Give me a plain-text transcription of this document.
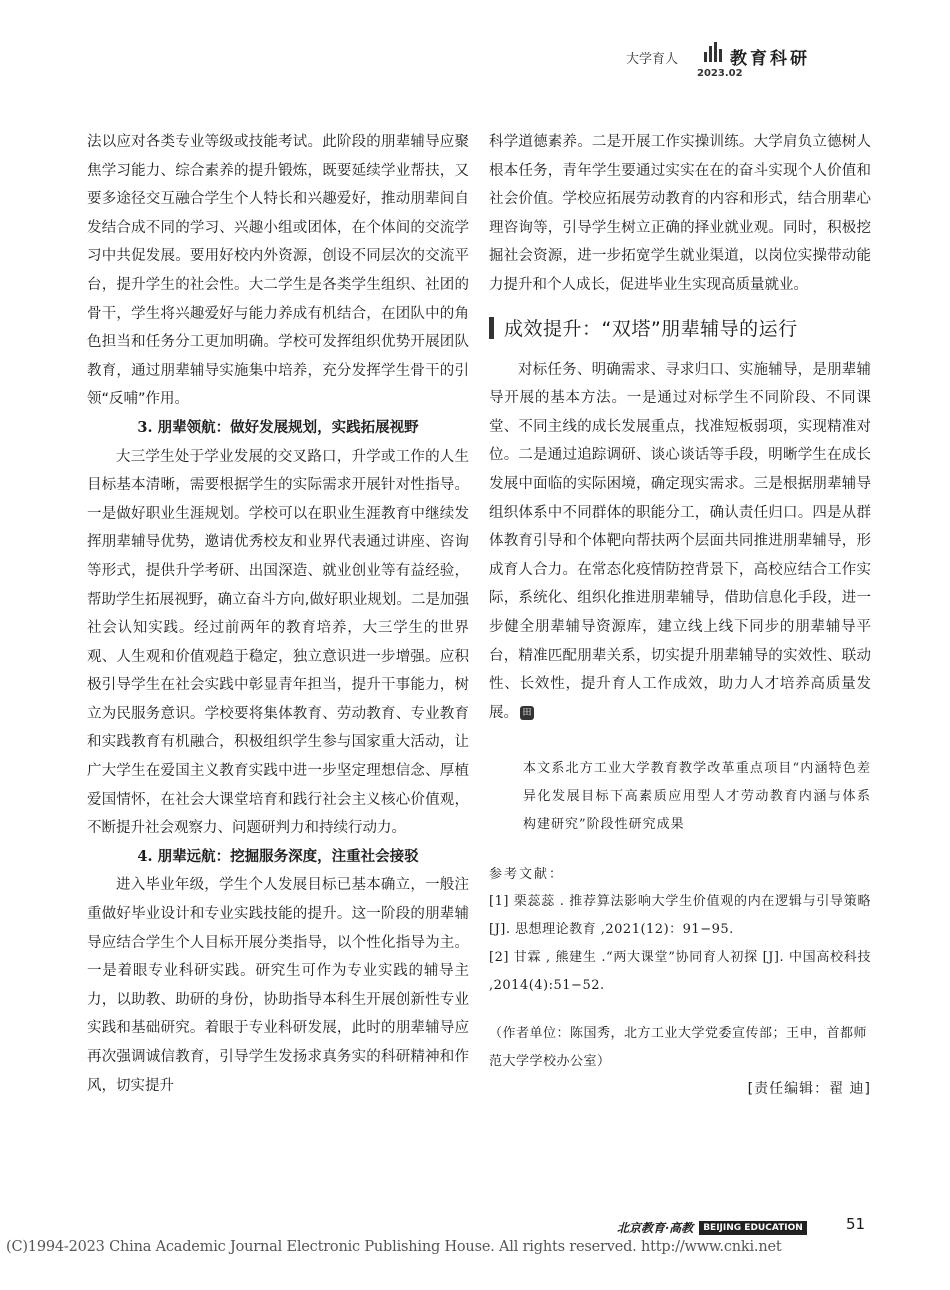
大学育人	教育科研
2023.02

法以应对各类专业等级或技能考试。此阶段的朋辈辅导应聚焦学习能力、综合素养的提升锻炼，既要延续学业帮扶，又要多途径交互融合学生个人特长和兴趣爱好，推动朋辈间自发结合成不同的学习、兴趣小组或团体，在个体间的交流学习中共促发展。要用好校内外资源，创设不同层次的交流平台，提升学生的社会性。大二学生是各类学生组织、社团的骨干，学生将兴趣爱好与能力养成有机结合，在团队中的角色担当和任务分工更加明确。学校可发挥组织优势开展团队教育，通过朋辈辅导实施集中培养，充分发挥学生骨干的引领“反哺”作用。

3. 朋辈领航：做好发展规划，实践拓展视野

大三学生处于学业发展的交叉路口，升学或工作的人生目标基本清晰，需要根据学生的实际需求开展针对性指导。一是做好职业生涯规划。学校可以在职业生涯教育中继续发挥朋辈辅导优势，邀请优秀校友和业界代表通过讲座、咨询等形式，提供升学考研、出国深造、就业创业等有益经验，帮助学生拓展视野，确立奋斗方向,做好职业规划。二是加强社会认知实践。经过前两年的教育培养，大三学生的世界观、人生观和价值观趋于稳定，独立意识进一步增强。应积极引导学生在社会实践中彰显青年担当，提升干事能力，树立为民服务意识。学校要将集体教育、劳动教育、专业教育和实践教育有机融合，积极组织学生参与国家重大活动，让广大学生在爱国主义教育实践中进一步坚定理想信念、厚植爱国情怀，在社会大课堂培育和践行社会主义核心价值观，不断提升社会观察力、问题研判力和持续行动力。

4. 朋辈远航：挖掘服务深度，注重社会接驳

进入毕业年级，学生个人发展目标已基本确立，一般注重做好毕业设计和专业实践技能的提升。这一阶段的朋辈辅导应结合学生个人目标开展分类指导，以个性化指导为主。一是着眼专业科研实践。研究生可作为专业实践的辅导主力，以助教、助研的身份，协助指导本科生开展创新性专业实践和基础研究。着眼于专业科研发展，此时的朋辈辅导应再次强调诚信教育，引导学生发扬求真务实的科研精神和作风，切实提升

科学道德素养。二是开展工作实操训练。大学肩负立德树人根本任务，青年学生要通过实实在在的奋斗实现个人价值和社会价值。学校应拓展劳动教育的内容和形式，结合朋辈心理咨询等，引导学生树立正确的择业就业观。同时，积极挖掘社会资源，进一步拓宽学生就业渠道，以岗位实操带动能力提升和个人成长，促进毕业生实现高质量就业。

成效提升：“双塔”朋辈辅导的运行

对标任务、明确需求、寻求归口、实施辅导，是朋辈辅导开展的基本方法。一是通过对标学生不同阶段、不同课堂、不同主线的成长发展重点，找准短板弱项，实现精准对位。二是通过追踪调研、谈心谈话等手段，明晰学生在成长发展中面临的实际困境，确定现实需求。三是根据朋辈辅导组织体系中不同群体的职能分工，确认责任归口。四是从群体教育引导和个体靶向帮扶两个层面共同推进朋辈辅导，形成育人合力。在常态化疫情防控背景下，高校应结合工作实际，系统化、组织化推进朋辈辅导，借助信息化手段，进一步健全朋辈辅导资源库，建立线上线下同步的朋辈辅导平台，精准匹配朋辈关系，切实提升朋辈辅导的实效性、联动性、长效性，提升育人工作成效，助力人才培养高质量发展。 田

本文系北方工业大学教育教学改革重点项目“内涵特色差异化发展目标下高素质应用型人才劳动教育内涵与体系构建研究”阶段性研究成果

参考文献：

[1] 栗蕊蕊 . 推荐算法影响大学生价值观的内在逻辑与引导策略 [J]. 思想理论教育 ,2021(12)：91−95.

[2] 甘霖 , 熊建生 .“两大课堂”协同育人初探 [J]. 中国高校科技 ,2014(4):51−52.

（作者单位：陈国秀，北方工业大学党委宣传部；王申，首都师范大学学校办公室）

[责任编辑：翟 迪]

北京教育·高教	BEIJING EDUCATION	51
(C)1994-2023 China Academic Journal Electronic Publishing House. All rights reserved. http://www.cnki.net
